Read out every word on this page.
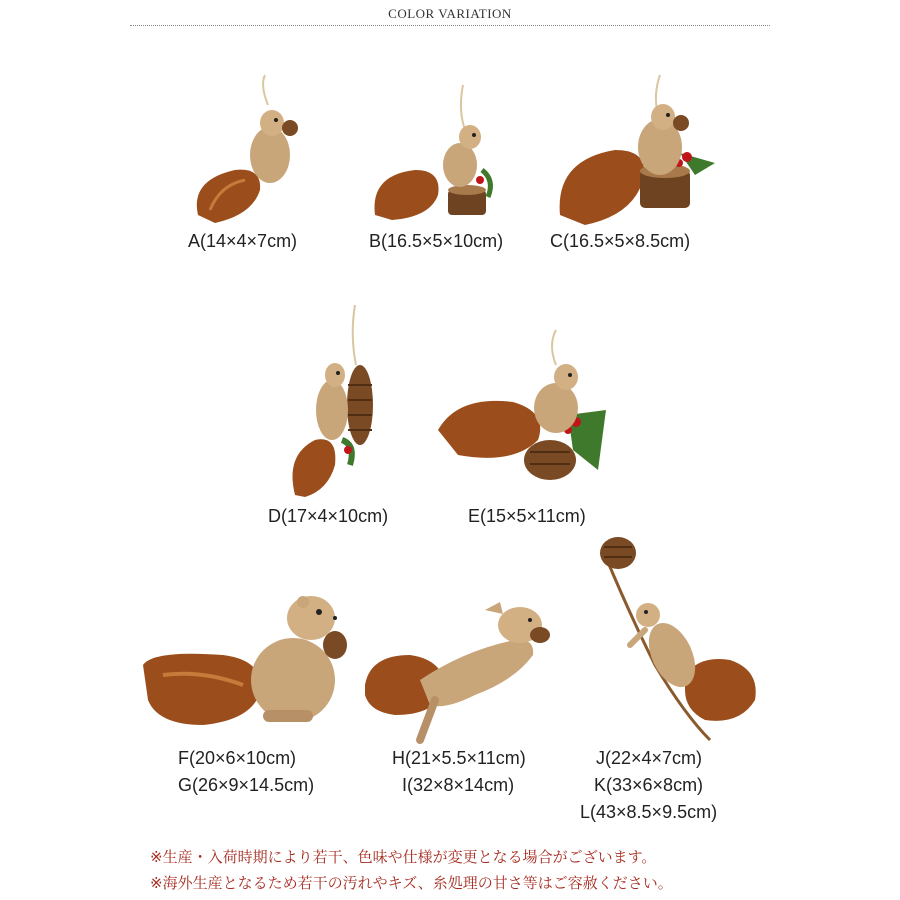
COLOR VARIATION
A(14×4×7cm)	B(16.5×5×10cm)	C(16.5×5×8.5cm)
D(17×4×10cm)	E(15×5×11cm)
F(20×6×10cm)
G(26×9×14.5cm)
H(21×5.5×11cm)
I(32×8×14cm)
J(22×4×7cm)
K(33×6×8cm)
L(43×8.5×9.5cm)
※生産・入荷時期により若干、色味や仕様が変更となる場合がございます。
※海外生産となるため若干の汚れやキズ、糸処理の甘さ等はご容赦ください。
